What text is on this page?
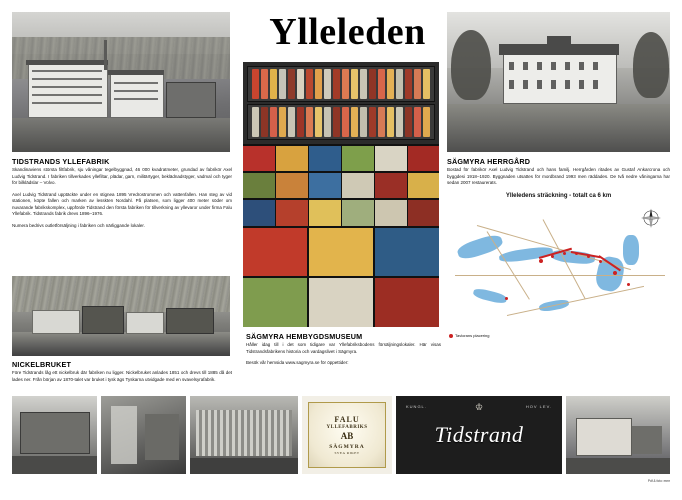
Ylleleden
TIDSTRANDS YLLEFABRIK

Skandinaviens största filtfabrik, sju våningar tegelbyggnad, 46 000 kvadratmeter, grundad av fabrikör Axel Ludvig Tidstrand. I fabriken tillverkades yllefiltar, plädar, garn, militärtyger, beklädnadstyger, vadmal och tyger för bilklädslar – Volvo.

Axel Ludvig Tidstrand upptäckte under en stignea 1895 Vredrostrommen och vattenfallen. Han steg av vid stationen, köpte fallen och marken av lesskten Nordahl. På platsen, som ligger 400 meter söder om nuvarande fabrikskomplex, uppförde Tidstrand den första fabriken för tillverkning av yllevaror under firma Falu Yllefabrik. Tidstrands fabrik drevs 1896–1976.

Numera bedrivs outletförsäljning i fabriken och närliggande lokaler.

NICKELBRUKET

Före Tidstrands låg ett nickelbruk där fabriken nu ligger. Nickelbruket anlades 1851 och drevs till 1885 då det lades ner. Från början av 1870-talet var bruket i tysk ägs Tyskarna utvidgade med en svavelsyrafabrik.

SÄGMYRA HEMBYGDSMUSEUM

Håller idag till i det som tidigare var Yllefabriksbodens försäljningslokaler. Här visas Tidstrandsfabrikens historia och vardagslivet i Sägmyra.

Besök vår hemsida www.sagmyra.se för öppettider:

SÄGMYRA HERRGÅRD

Bostad för fabrikör Axel Ludvig Tidstrand och hans familj. Herrgården ritades av Gustaf Ankarcrona och byggdesi 1918–1920. Byggnaden utsattes för mordbrand 1993 men räddades. De två nedre våningarna har sedan 2007 restaurerats.

Ylleledens sträckning - totalt ca 6 km
Tavlorans placering
FALU
YLLEFABRIKS
AB
SÄGMYRA
SVEA RIKET
♔
KUNGL.	HOV LEV.
Tidstrand
Pdf & foto: mmr
